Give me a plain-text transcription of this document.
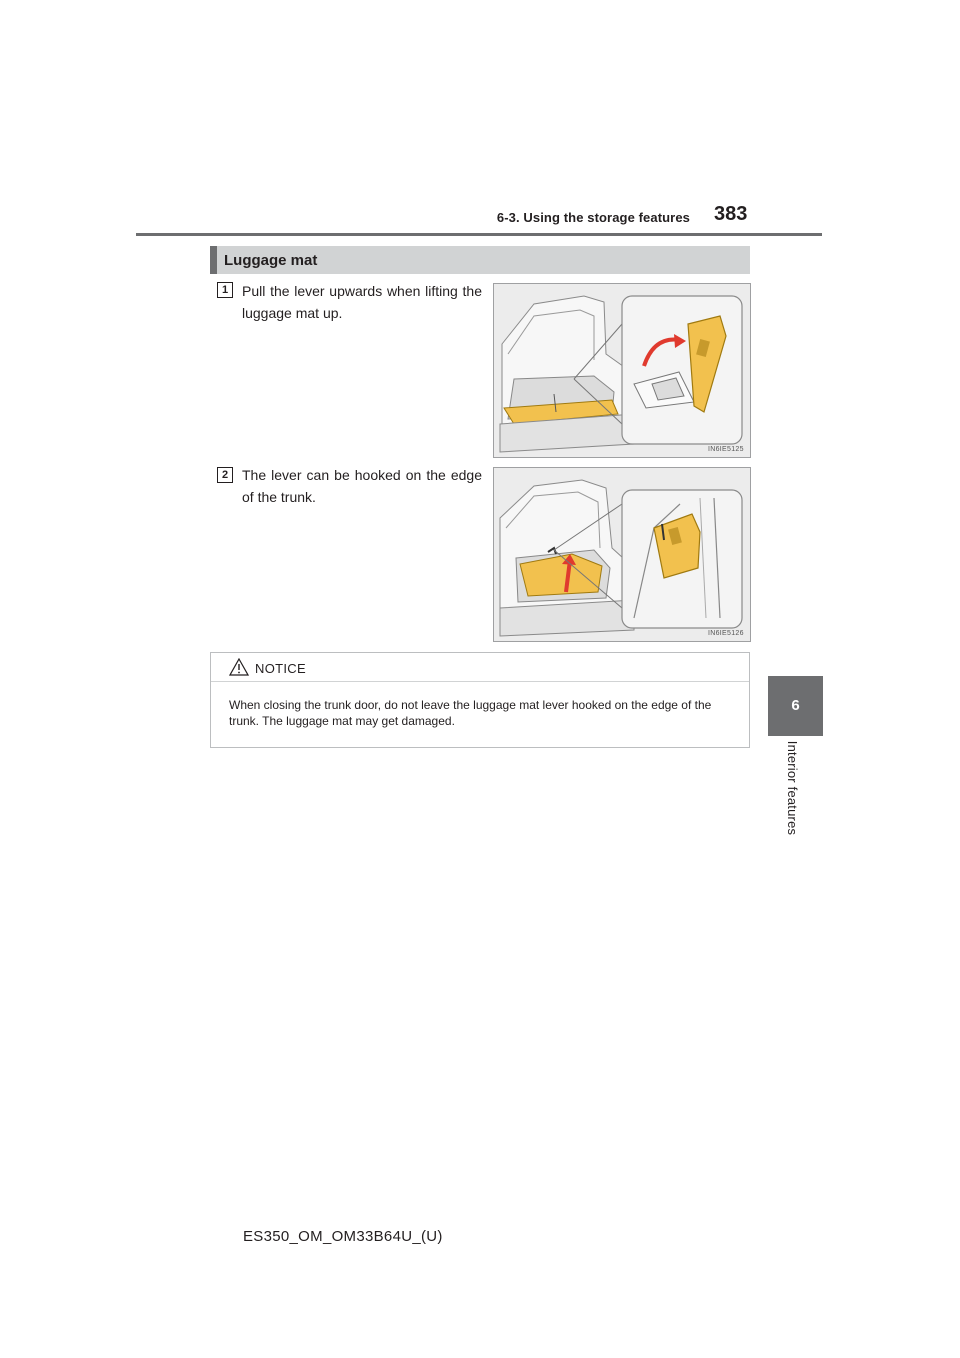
6-3. Using the storage features 383
6
Interior features
Luggage mat
1 Pull the lever upwards when lifting the luggage mat up.
IN6IE5125
2 The lever can be hooked on the edge of the trunk.
IN6IE5126
NOTICE
When closing the trunk door, do not leave the luggage mat lever hooked on the edge of the trunk. The luggage mat may get damaged.
ES350_OM_OM33B64U_(U)
